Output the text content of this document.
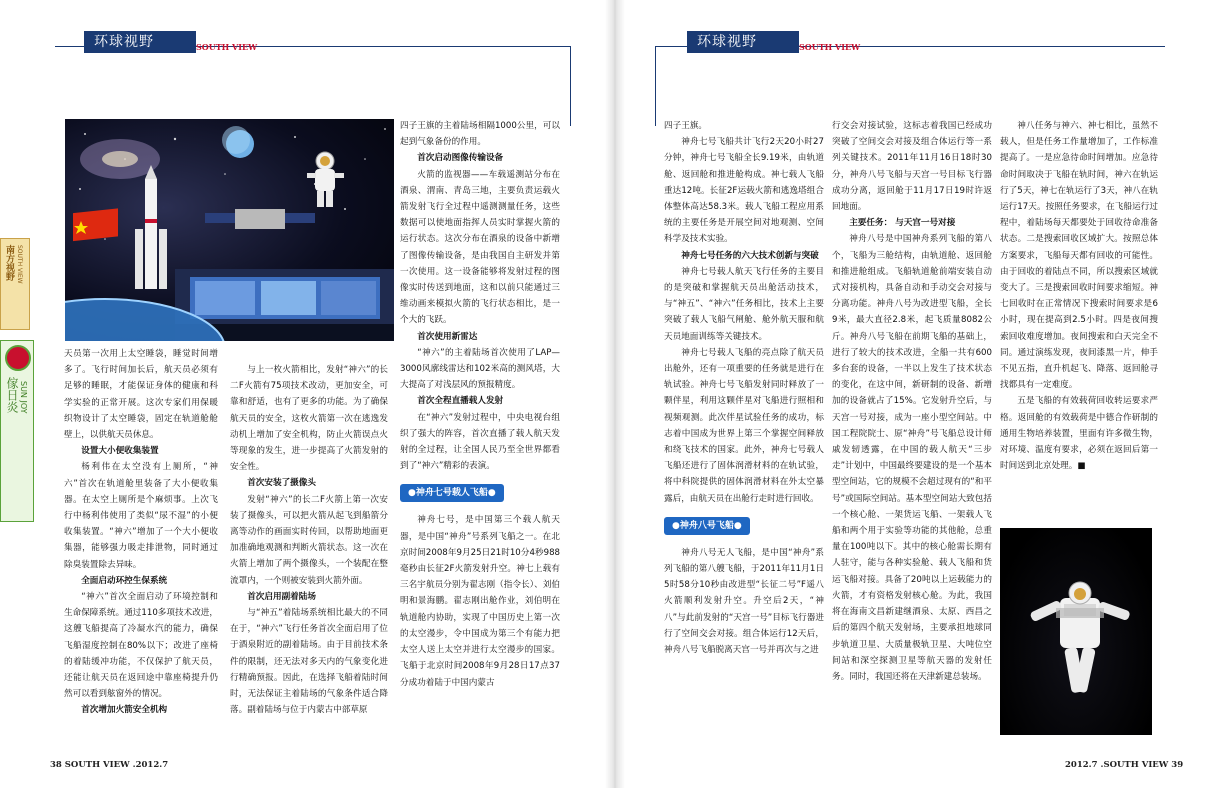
环球视野	SOUTH VIEW	环球视野	SOUTH VIEW
南方视野 SOUTH VIEW
傢日炎 SUN JOY

天员第一次用上太空睡袋，睡觉时间增多了。飞行时间加长后，航天员必须有足够的睡眠，才能保证身体的健康和科学实验的正常开展。这次专家们用保暖织物设计了太空睡袋，固定在轨道舱舱壁上，以供航天员休息。

设置大小便收集装置

杨利伟在太空没有上厕所，“神六”首次在轨道舱里装备了大小便收集器。在太空上厕所是个麻烦事。上次飞行中杨利伟使用了类似“尿不湿”的小便收集装置。“神六”增加了一个大小便收集器，能够强力吸走排泄物，同时通过除臭装置除去异味。

全面启动环控生保系统

“神六”首次全面启动了环境控制和生命保障系统。通过110多项技术改进，这艘飞船提高了冷凝水汽的能力，确保飞船湿度控制在80%以下；改进了座椅的着陆缓冲功能，不仅保护了航天员，还能让航天员在返回途中靠座椅提升仍然可以看到舷窗外的情况。

首次增加火箭安全机构

与上一枚火箭相比，发射“神六”的长二F火箭有75项技术改动，更加安全，可靠和舒适，也有了更多的功能。为了确保航天员的安全，这枚火箭第一次在逃逸发动机上增加了安全机构，防止火箭误点火等现象的发生，进一步提高了火箭发射的安全性。

首次安装了摄像头

发射“神六”的长二F火箭上第一次安装了摄像头，可以把火箭从起飞到船箭分离等动作的画面实时传回，以帮助地面更加准确地观测和判断火箭状态。这一次在火箭上增加了两个摄像头，一个装配在整流罩内，一个则被安装到火箭外面。

首次启用副着陆场

与“神五”着陆场系统相比最大的不同在于，“神六”飞行任务首次全面启用了位于酒泉附近的副着陆场。由于目前技术条件的限制，还无法对多天内的气象变化进行精确预报。因此，在选择飞船着陆时间时，无法保证主着陆场的气象条件适合降落。副着陆场与位于内蒙古中部草原

四子王旗的主着陆场相隔1000公里，可以起到气象备份的作用。

首次启动图像传输设备

火箭的监视器——车载遥测站分布在酒泉、渭南、青岛三地，主要负责运载火箭发射飞行全过程中遥测测量任务，这些数据可以使地面指挥人员实时掌握火箭的运行状态。这次分布在酒泉的设备中新增了图像传输设备，是由我国自主研发并第一次使用。这一设备能够将发射过程的图像实时传送到地面，这和以前只能通过三维动画来模拟火箭的飞行状态相比，是一个大的飞跃。

首次使用新雷达

“神六”的主着陆场首次使用了LAP—3000风廓线雷达和102米高的测风塔，大大提高了对浅层风的预报精度。

首次全程直播载人发射

在“神六”发射过程中，中央电视台组织了强大的阵容，首次直播了载人航天发射的全过程，让全国人民乃至全世界都看到了“神六”精彩的表演。

●神舟七号载人飞船●

神舟七号，是中国第三个载人航天器，是中国“神舟”号系列飞船之一。在北京时间2008年9月25日21时10分4秒988毫秒由长征2F火箭发射升空。神七上载有三名宇航员分别为翟志刚（指令长）、刘伯明和景海鹏。翟志刚出舱作业，刘伯明在轨道舱内协助，实现了中国历史上第一次的太空漫步，令中国成为第三个有能力把太空人送上太空并进行太空漫步的国家。飞船于北京时间2008年9月28日17点37分成功着陆于中国内蒙古

38 SOUTH VIEW .2012.7

四子王旗。

神舟七号飞船共计飞行2天20小时27分钟，神舟七号飞船全长9.19米，由轨道舱、返回舱和推进舱构成。神七载人飞船重达12吨。长征2F运载火箭和逃逸塔组合体整体高达58.3米。载人飞船工程应用系统的主要任务是开展空间对地观测、空间科学及技术实验。

神舟七号任务的六大技术创新与突破

神舟七号载人航天飞行任务的主要目的是突破和掌握航天员出舱活动技术，与“神五”、“神六”任务相比，技术上主要突破了载人飞船气闸舱、舱外航天服和航天员地面训练等关键技术。

神舟七号载人飞船的亮点除了航天员出舱外，还有一项重要的任务就是进行在轨试验。神舟七号飞船发射同时释放了一颗伴星，利用这颗伴星对飞船进行照相和视频观测。此次伴星试验任务的成功，标志着中国成为世界上第三个掌握空间释放和绕飞技术的国家。此外，神舟七号载人飞船还进行了固体润滑材料的在轨试验，将中科院提供的固体润滑材料在外太空暴露后，由航天员在出舱行走时进行回收。

●神舟八号飞船●

神舟八号无人飞船，是中国“神舟”系列飞船的第八艘飞船，于2011年11月1日5时58分10秒由改进型“长征二号”F遥八火箭顺利发射升空。升空后2天，“神八”与此前发射的“天宫一号”目标飞行器进行了空间交会对接。组合体运行12天后，神舟八号飞船脱离天宫一号并再次与之进

行交会对接试验，这标志着我国已经成功突破了空间交会对接及组合体运行等一系列关键技术。2011年11月16日18时30分，神舟八号飞船与天宫一号目标飞行器成功分离，返回舱于11月17日19时许返回地面。

主要任务： 与天宫一号对接

神舟八号是中国神舟系列飞船的第八个，飞船为三舱结构，由轨道舱、返回舱和推进舱组成。飞船轨道舱前端安装自动式对接机构，具备自动和手动交会对接与分离功能。神舟八号为改进型飞船，全长9米，最大直径2.8米，起飞质量8082公斤。神舟八号飞船在前期飞船的基础上，进行了较大的技术改进，全船一共有600多台套的设备，一半以上发生了技术状态的变化，在这中间，新研制的设备、新增加的设备就占了15%。它发射升空后，与天宫一号对接，成为一座小型空间站。中国工程院院士、原“神舟”号飞船总设计师戚发轫透露，在中国的载人航天“三步走”计划中，中国最终要建设的是一个基本型空间站，它的规模不会超过现有的“和平号”或国际空间站。基本型空间站大致包括一个核心舱、一架货运飞船、一架载人飞船和两个用于实验等功能的其他舱，总重量在100吨以下。其中的核心舱需长期有人驻守，能与各种实验舱、载人飞船和货运飞船对接。具备了20吨以上运载能力的火箭，才有资格发射核心舱。为此，我国将在海南文昌新建继酒泉、太原、西昌之后的第四个航天发射场，主要承担地球同步轨道卫星、大质量极轨卫星、大吨位空间站和深空探测卫星等航天器的发射任务。同时，我国还将在天津新建总装场。

神八任务与神六、神七相比，虽然不载人，但是任务工作量增加了，工作标准提高了。一是应急待命时间增加。应急待命时间取决于飞船在轨时间，神六在轨运行了5天，神七在轨运行了3天，神八在轨运行17天。按照任务要求，在飞船运行过程中，着陆场每天都要处于回收待命准备状态。二是搜索回收区域扩大。按照总体方案要求，飞船每天都有回收的可能性。由于回收的着陆点不同，所以搜索区域就变大了。三是搜索回收时间要求缩短。神七回收时在正常情况下搜索时间要求是6小时，现在提高到2.5小时。四是夜间搜索回收难度增加。夜间搜索和白天完全不同。通过演练发现，夜间漆黑一片，伸手不见五指，直升机起飞、降落、返回舱寻找都具有一定难度。

五是飞船的有效载荷回收转运要求严格。返回舱的有效载荷是中德合作研制的通用生物培养装置，里面有许多微生物，对环境、温度有要求，必须在返回后第一时间送到北京处理。■

2012.7 .SOUTH VIEW 39
